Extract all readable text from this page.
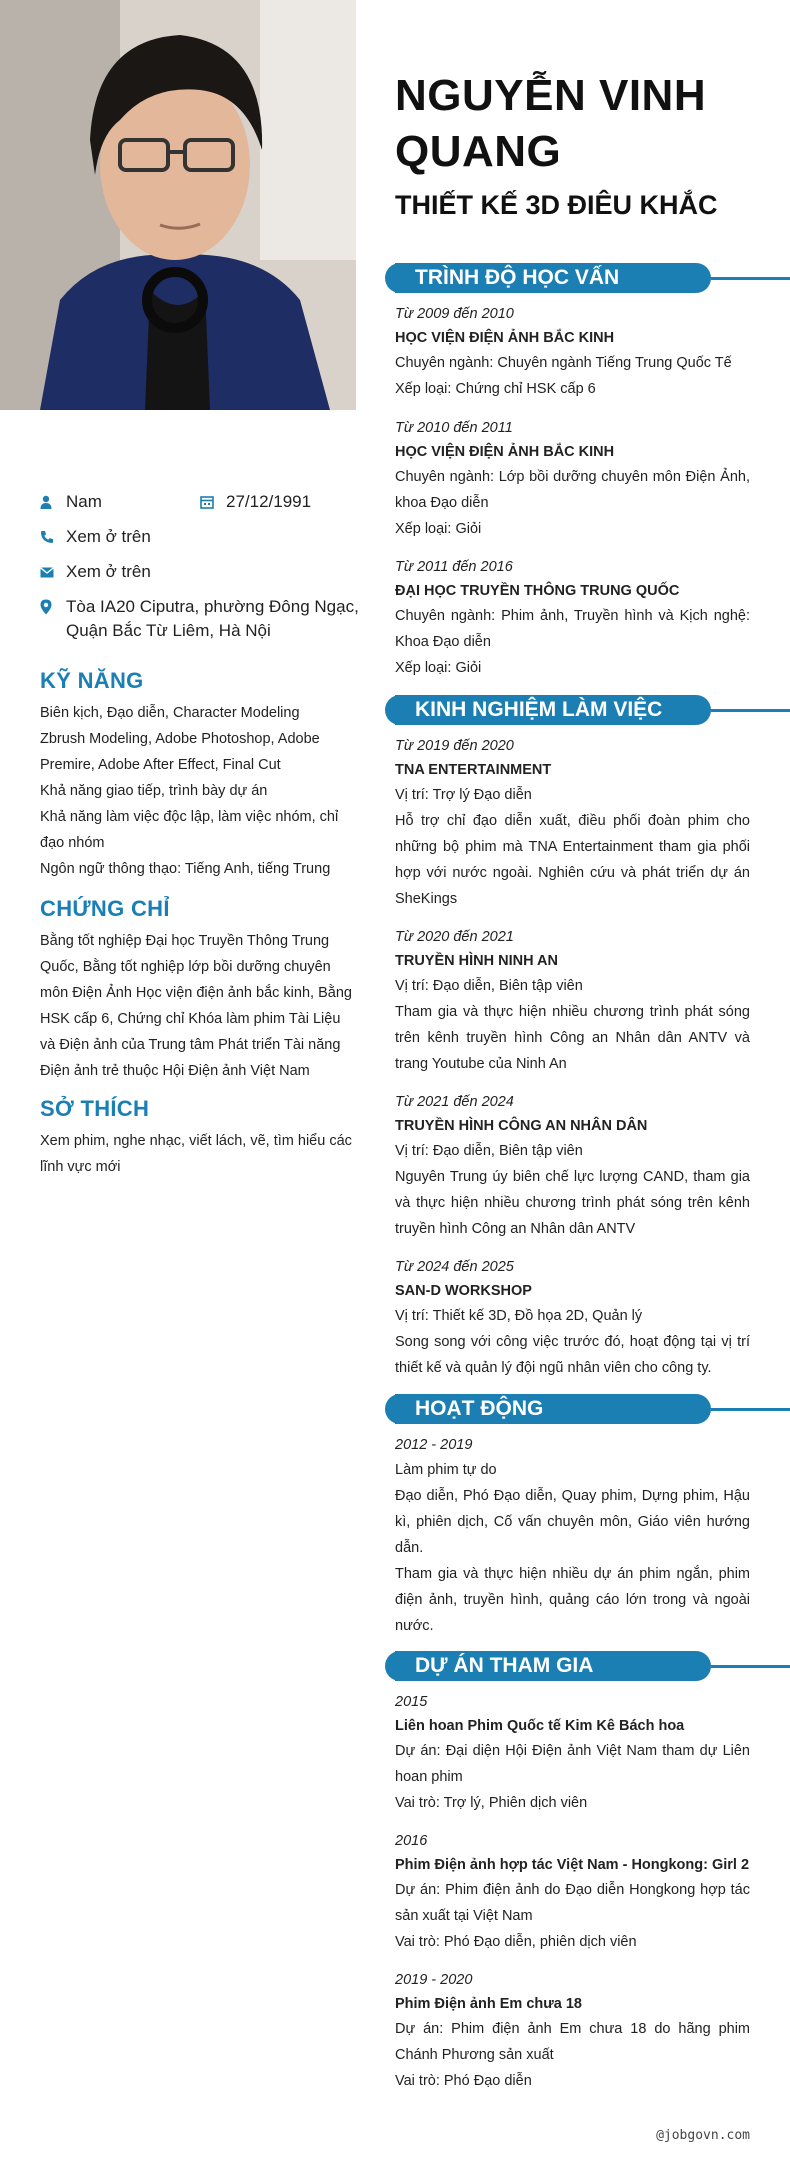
Nam	27/12/1991
Xem ở trên
Xem ở trên
Tòa IA20 Ciputra, phường Đông Ngạc, Quận Bắc Từ Liêm, Hà Nội
KỸ NĂNG

Biên kịch, Đạo diễn, Character Modeling

Zbrush Modeling, Adobe Photoshop, Adobe Premire, Adobe After Effect, Final Cut

Khả năng giao tiếp, trình bày dự án

Khả năng làm việc độc lập, làm việc nhóm, chỉ đạo nhóm

Ngôn ngữ thông thạo: Tiếng Anh, tiếng Trung

CHỨNG CHỈ

Bằng tốt nghiệp Đại học Truyền Thông Trung Quốc, Bằng tốt nghiệp lớp bồi dưỡng chuyên môn Điện Ảnh Học viện điện ảnh bắc kinh, Bằng HSK cấp 6, Chứng chỉ Khóa làm phim Tài Liệu và Điện ảnh của Trung tâm Phát triển Tài năng Điện ảnh trẻ thuộc Hội Điện ảnh Việt Nam

SỞ THÍCH

Xem phim, nghe nhạc, viết lách, vẽ, tìm hiểu các lĩnh vực mới

NGUYỄN VINH QUANG
THIẾT KẾ 3D ĐIÊU KHẮC
TRÌNH ĐỘ HỌC VẤN
Từ 2009 đến 2010
HỌC VIỆN ĐIỆN ẢNH BẮC KINH
Chuyên ngành: Chuyên ngành Tiếng Trung Quốc Tế
Xếp loại: Chứng chỉ HSK cấp 6
Từ 2010 đến 2011
HỌC VIỆN ĐIỆN ẢNH BẮC KINH
Chuyên ngành: Lớp bồi dưỡng chuyên môn Điện Ảnh, khoa Đạo diễn
Xếp loại: Giỏi
Từ 2011 đến 2016
ĐẠI HỌC TRUYỀN THÔNG TRUNG QUỐC
Chuyên ngành: Phim ảnh, Truyền hình và Kịch nghệ: Khoa Đạo diễn
Xếp loại: Giỏi
KINH NGHIỆM LÀM VIỆC
Từ 2019 đến 2020
TNA ENTERTAINMENT
Vị trí: Trợ lý Đạo diễn
Hỗ trợ chỉ đạo diễn xuất, điều phối đoàn phim cho những bộ phim mà TNA Entertainment tham gia phối hợp với nước ngoài. Nghiên cứu và phát triển dự án SheKings
Từ 2020 đến 2021
TRUYỀN HÌNH NINH AN
Vị trí: Đạo diễn, Biên tập viên
Tham gia và thực hiện nhiều chương trình phát sóng trên kênh truyền hình Công an Nhân dân ANTV và trang Youtube của Ninh An
Từ 2021 đến 2024
TRUYỀN HÌNH CÔNG AN NHÂN DÂN
Vị trí: Đạo diễn, Biên tập viên
Nguyên Trung úy biên chế lực lượng CAND, tham gia và thực hiện nhiều chương trình phát sóng trên kênh truyền hình Công an Nhân dân ANTV
Từ 2024 đến 2025
SAN-D WORKSHOP
Vị trí: Thiết kế 3D, Đồ họa 2D, Quản lý
Song song với công việc trước đó, hoạt động tại vị trí thiết kế và quản lý đội ngũ nhân viên cho công ty.
HOẠT ĐỘNG
2012 - 2019
Làm phim tự do
Đạo diễn, Phó Đạo diễn, Quay phim, Dựng phim, Hậu kì, phiên dịch, Cố vấn chuyên môn, Giáo viên hướng dẫn.
Tham gia và thực hiện nhiều dự án phim ngắn, phim điện ảnh, truyền hình, quảng cáo lớn trong và ngoài nước.
DỰ ÁN THAM GIA
2015
Liên hoan Phim Quốc tế Kim Kê Bách hoa
Dự án: Đại diện Hội Điện ảnh Việt Nam tham dự Liên hoan phim
Vai trò: Trợ lý, Phiên dịch viên
2016
Phim Điện ảnh hợp tác Việt Nam - Hongkong: Girl 2
Dự án: Phim điện ảnh do Đạo diễn Hongkong hợp tác sản xuất tại Việt Nam
Vai trò: Phó Đạo diễn, phiên dịch viên
2019 - 2020
Phim Điện ảnh Em chưa 18
Dự án: Phim điện ảnh Em chưa 18 do hãng phim Chánh Phương sản xuất
Vai trò: Phó Đạo diễn
@jobgovn.com
